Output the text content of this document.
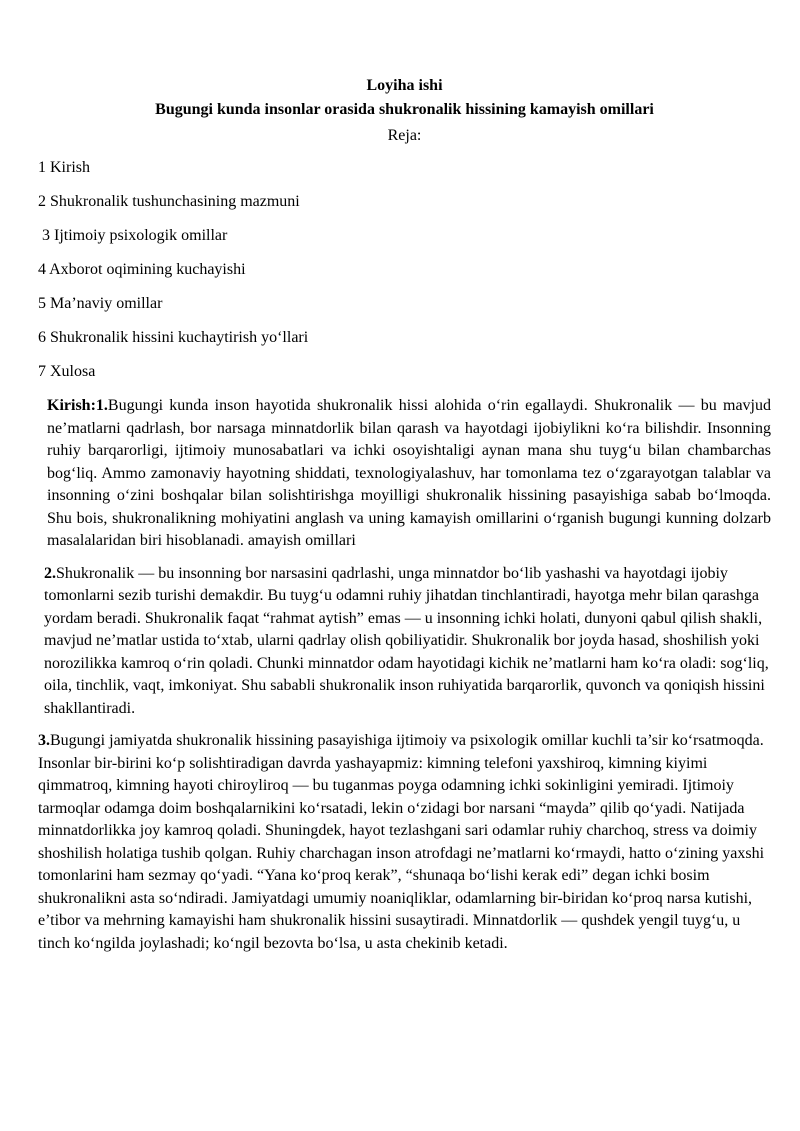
Loyiha ishi

Bugungi kunda insonlar orasida shukronalik hissining kamayish omillari

Reja:

1 Kirish

2 Shukronalik tushunchasining mazmuni

3 Ijtimoiy psixologik omillar

4 Axborot oqimining kuchayishi

5 Ma’naviy omillar

6 Shukronalik hissini kuchaytirish yo‘llari

7 Xulosa

Kirish:1.Bugungi kunda inson hayotida shukronalik hissi alohida o‘rin egallaydi. Shukronalik — bu mavjud ne’matlarni qadrlash, bor narsaga minnatdorlik bilan qarash va hayotdagi ijobiylikni ko‘ra bilishdir. Insonning ruhiy barqarorligi, ijtimoiy munosabatlari va ichki osoyishtaligi aynan mana shu tuyg‘u bilan chambarchas bog‘liq. Ammo zamonaviy hayotning shiddati, texnologiyalashuv, har tomonlama tez o‘zgarayotgan talablar va insonning o‘zini boshqalar bilan solishtirishga moyilligi shukronalik hissining pasayishiga sabab bo‘lmoqda. Shu bois, shukronalikning mohiyatini anglash va uning kamayish omillarini o‘rganish bugungi kunning dolzarb masalalaridan biri hisoblanadi. amayish omillari

2.Shukronalik — bu insonning bor narsasini qadrlashi, unga minnatdor bo‘lib yashashi va hayotdagi ijobiy tomonlarni sezib turishi demakdir. Bu tuyg‘u odamni ruhiy jihatdan tinchlantiradi, hayotga mehr bilan qarashga yordam beradi. Shukronalik faqat “rahmat aytish” emas — u insonning ichki holati, dunyoni qabul qilish shakli, mavjud ne’matlar ustida to‘xtab, ularni qadrlay olish qobiliyatidir. Shukronalik bor joyda hasad, shoshilish yoki norozilikka kamroq o‘rin qoladi. Chunki minnatdor odam hayotidagi kichik ne’matlarni ham ko‘ra oladi: sog‘liq, oila, tinchlik, vaqt, imkoniyat. Shu sababli shukronalik inson ruhiyatida barqarorlik, quvonch va qoniqish hissini shakllantiradi.

3.Bugungi jamiyatda shukronalik hissining pasayishiga ijtimoiy va psixologik omillar kuchli ta’sir ko‘rsatmoqda. Insonlar bir-birini ko‘p solishtiradigan davrda yashayapmiz: kimning telefoni yaxshiroq, kimning kiyimi qimmatroq, kimning hayoti chiroyliroq — bu tuganmas poyga odamning ichki sokinligini yemiradi. Ijtimoiy tarmoqlar odamga doim boshqalarnikini ko‘rsatadi, lekin o‘zidagi bor narsani “mayda” qilib qo‘yadi. Natijada minnatdorlikka joy kamroq qoladi. Shuningdek, hayot tezlashgani sari odamlar ruhiy charchoq, stress va doimiy shoshilish holatiga tushib qolgan. Ruhiy charchagan inson atrofdagi ne’matlarni ko‘rmaydi, hatto o‘zining yaxshi tomonlarini ham sezmay qo‘yadi. “Yana ko‘proq kerak”, “shunaqa bo‘lishi kerak edi” degan ichki bosim shukronalikni asta so‘ndiradi. Jamiyatdagi umumiy noaniqliklar, odamlarning bir-biridan ko‘proq narsa kutishi, e’tibor va mehrning kamayishi ham shukronalik hissini susaytiradi. Minnatdorlik — qushdek yengil tuyg‘u, u tinch ko‘ngilda joylashadi; ko‘ngil bezovta bo‘lsa, u asta chekinib ketadi.
